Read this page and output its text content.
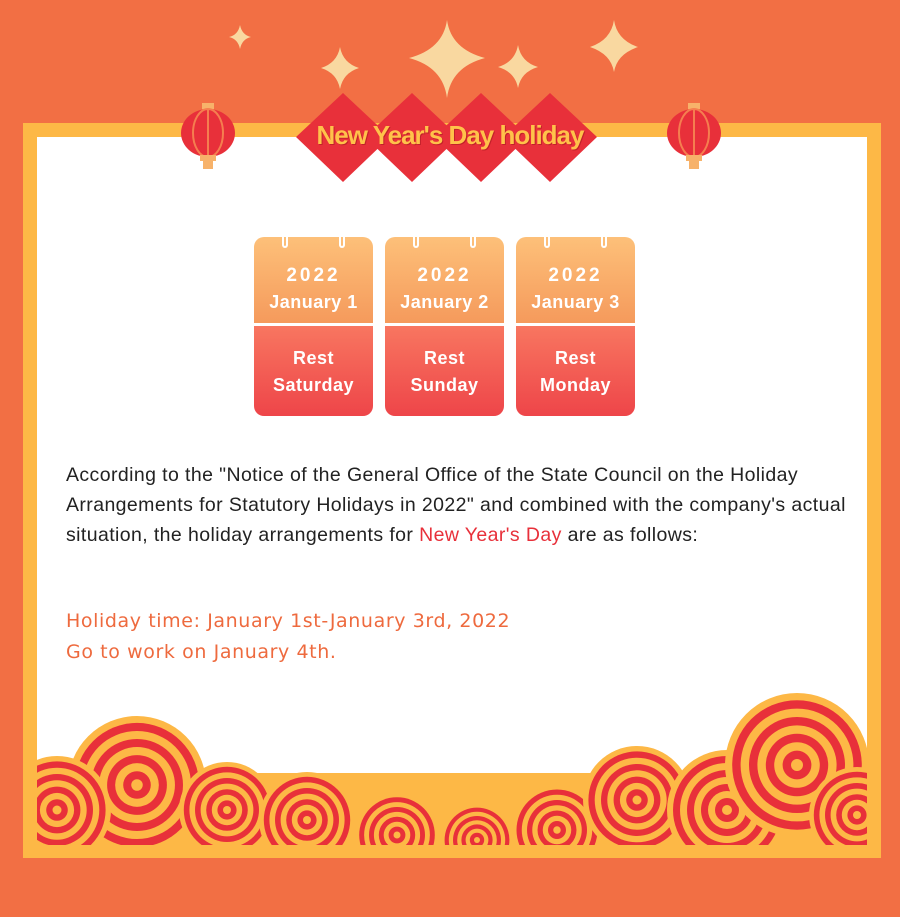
New Year's Day holiday
2022
January 1
Rest
Saturday
2022
January 2
Rest
Sunday
2022
January 3
Rest
Monday
According to the "Notice of the General Office of the State Council on the Holiday Arrangements for Statutory Holidays in 2022" and combined with the company's actual situation, the holiday arrangements for New Year's Day are as follows:
Holiday time: January 1st-January 3rd, 2022
Go to work on January 4th.
